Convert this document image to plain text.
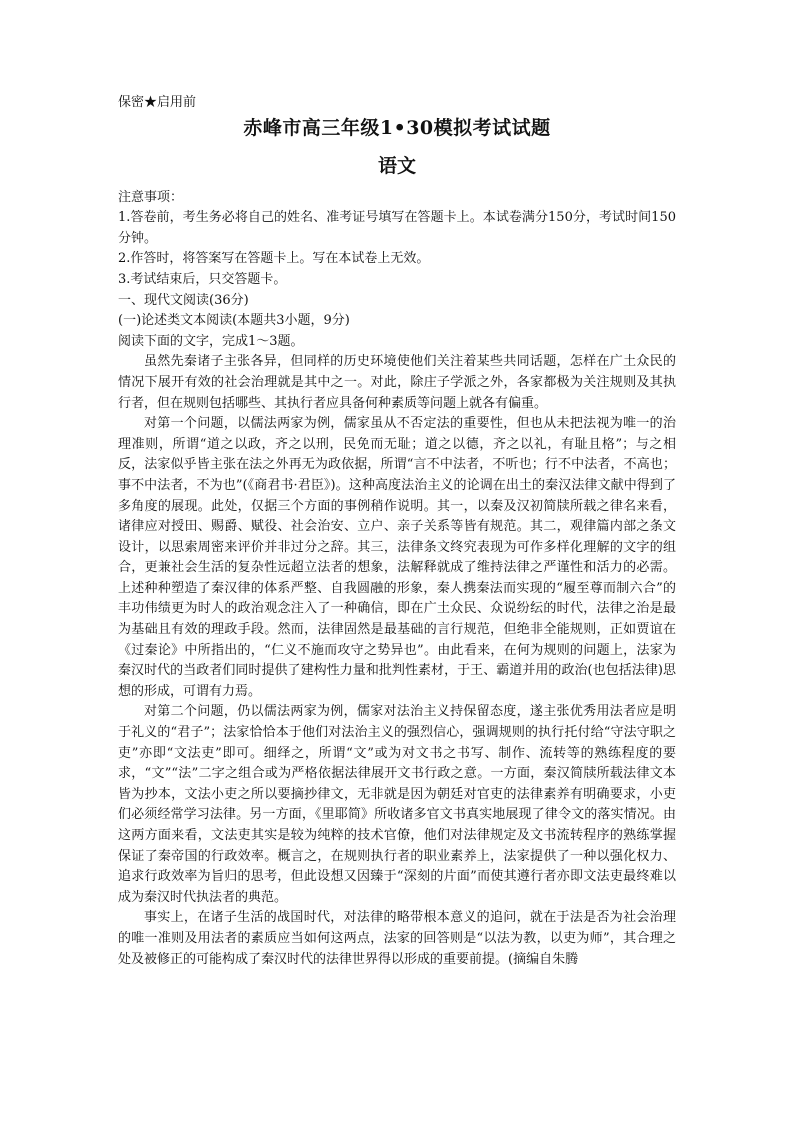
保密★启用前

赤峰市高三年级1•30模拟考试试题
语文

注意事项：

1.答卷前，考生务必将自己的姓名、准考证号填写在答题卡上。本试卷满分150分，考试时间150分钟。

2.作答时，将答案写在答题卡上。写在本试卷上无效。

3.考试结束后，只交答题卡。

一、现代文阅读(36分)

(一)论述类文本阅读(本题共3小题，9分)

阅读下面的文字，完成1～3题。

虽然先秦诸子主张各异，但同样的历史环境使他们关注着某些共同话题，怎样在广土众民的情况下展开有效的社会治理就是其中之一。对此，除庄子学派之外，各家都极为关注规则及其执行者，但在规则包括哪些、其执行者应具备何种素质等问题上就各有偏重。

对第一个问题，以儒法两家为例，儒家虽从不否定法的重要性，但也从未把法视为唯一的治理准则，所谓“道之以政，齐之以刑，民免而无耻；道之以德，齐之以礼，有耻且格”；与之相反，法家似乎皆主张在法之外再无为政依据，所谓“言不中法者，不听也；行不中法者，不高也；事不中法者，不为也”(《商君书·君臣》)。这种高度法治主义的论调在出土的秦汉法律文献中得到了多角度的展现。此处，仅据三个方面的事例稍作说明。其一，以秦及汉初简牍所载之律名来看，诸律应对授田、赐爵、赋役、社会治安、立户、亲子关系等皆有规范。其二，观律篇内部之条文设计，以思索周密来评价并非过分之辞。其三，法律条文终究表现为可作多样化理解的文字的组合，更兼社会生活的复杂性远超立法者的想象，法解释就成了维持法律之严谨性和活力的必需。上述种种塑造了秦汉律的体系严整、自我圆融的形象，秦人携秦法而实现的“履至尊而制六合”的丰功伟绩更为时人的政治观念注入了一种确信，即在广土众民、众说纷纭的时代，法律之治是最为基础且有效的理政手段。然而，法律固然是最基础的言行规范，但绝非全能规则，正如贾谊在《过秦论》中所指出的，“仁义不施而攻守之势异也”。由此看来，在何为规则的问题上，法家为秦汉时代的当政者们同时提供了建构性力量和批判性素材，于王、霸道并用的政治(也包括法律)思想的形成，可谓有力焉。

对第二个问题，仍以儒法两家为例，儒家对法治主义持保留态度，遂主张优秀用法者应是明于礼义的“君子”；法家恰恰本于他们对法治主义的强烈信心，强调规则的执行托付给“守法守职之吏”亦即“文法吏”即可。细绎之，所谓“文”或为对文书之书写、制作、流转等的熟练程度的要求，“文”“法”二字之组合或为严格依据法律展开文书行政之意。一方面，秦汉简牍所载法律文本皆为抄本，文法小吏之所以要摘抄律文，无非就是因为朝廷对官吏的法律素养有明确要求，小吏们必须经常学习法律。另一方面，《里耶简》所收诸多官文书真实地展现了律令文的落实情况。由这两方面来看，文法吏其实是较为纯粹的技术官僚，他们对法律规定及文书流转程序的熟练掌握保证了秦帝国的行政效率。概言之，在规则执行者的职业素养上，法家提供了一种以强化权力、追求行政效率为旨归的思考，但此设想又因臻于“深刻的片面”而使其遵行者亦即文法吏最终难以成为秦汉时代执法者的典范。

事实上，在诸子生活的战国时代，对法律的略带根本意义的追问，就在于法是否为社会治理的唯一准则及用法者的素质应当如何这两点，法家的回答则是“以法为教，以吏为师”，其合理之处及被修正的可能构成了秦汉时代的法律世界得以形成的重要前提。(摘编自朱腾
